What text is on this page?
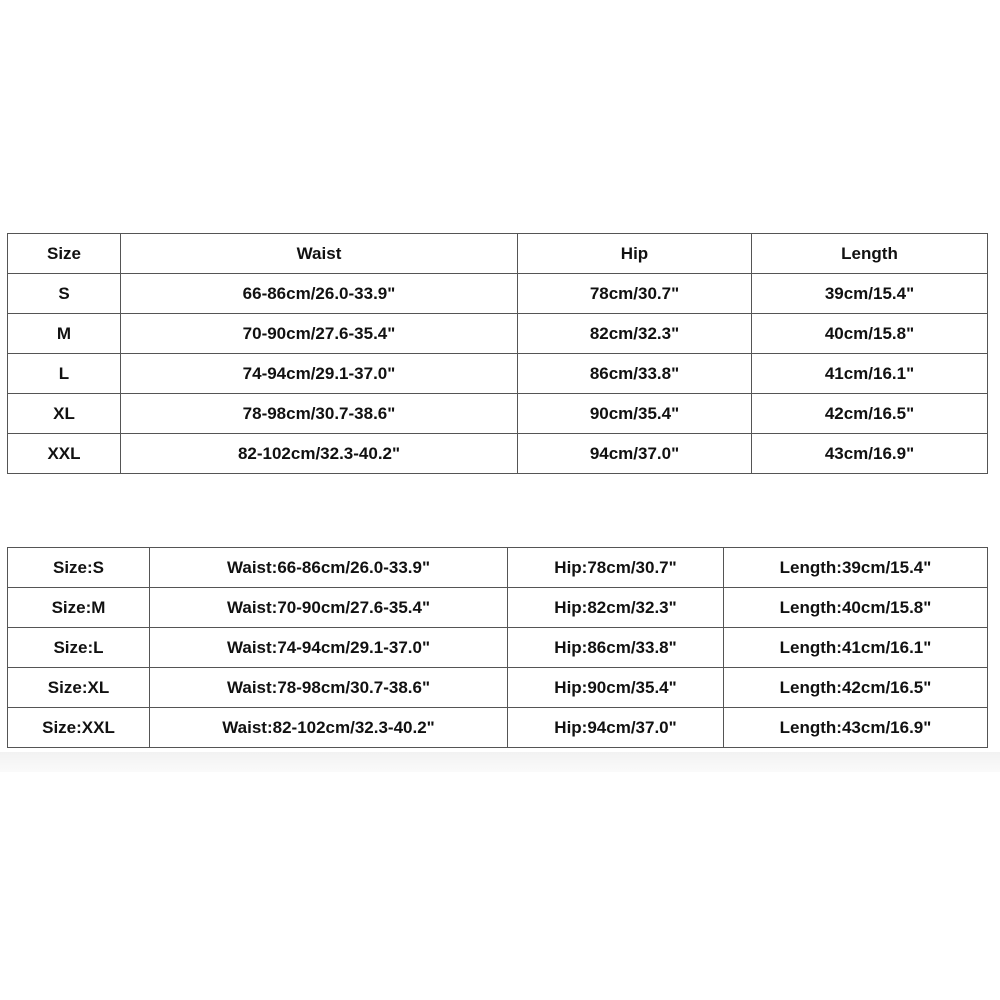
Size	Waist	Hip	Length
S	66-86cm/26.0-33.9"	78cm/30.7"	39cm/15.4"
M	70-90cm/27.6-35.4"	82cm/32.3"	40cm/15.8"
L	74-94cm/29.1-37.0"	86cm/33.8"	41cm/16.1"
XL	78-98cm/30.7-38.6"	90cm/35.4"	42cm/16.5"
XXL	82-102cm/32.3-40.2"	94cm/37.0"	43cm/16.9"
Size:S	Waist:66-86cm/26.0-33.9"	Hip:78cm/30.7"	Length:39cm/15.4"
Size:M	Waist:70-90cm/27.6-35.4"	Hip:82cm/32.3"	Length:40cm/15.8"
Size:L	Waist:74-94cm/29.1-37.0"	Hip:86cm/33.8"	Length:41cm/16.1"
Size:XL	Waist:78-98cm/30.7-38.6"	Hip:90cm/35.4"	Length:42cm/16.5"
Size:XXL	Waist:82-102cm/32.3-40.2"	Hip:94cm/37.0"	Length:43cm/16.9"
